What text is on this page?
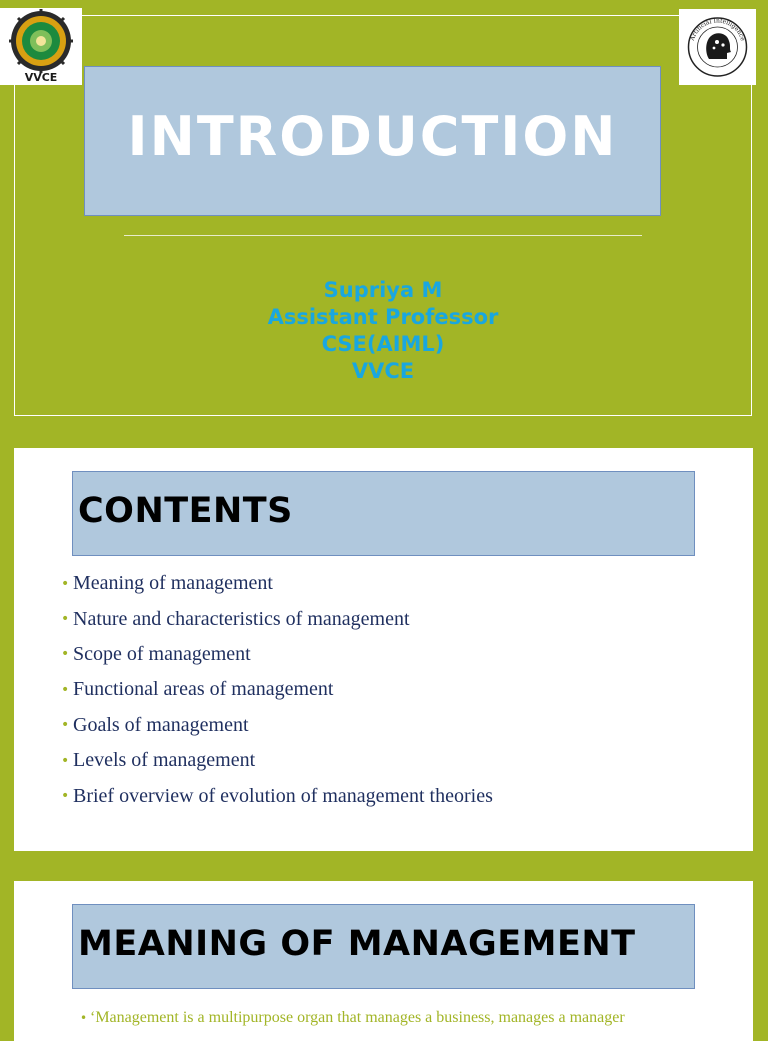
VVCE
Artificial Intelligence
INTRODUCTION
Supriya M
Assistant Professor
CSE(AIML)
VVCE
CONTENTS
• Meaning of management
• Nature and characteristics of management
• Scope of management
• Functional areas of management
• Goals of management
• Levels of management
• Brief overview of evolution of management theories
MEANING OF MANAGEMENT
• ‘Management is a multipurpose organ that manages a business, manages a manager
